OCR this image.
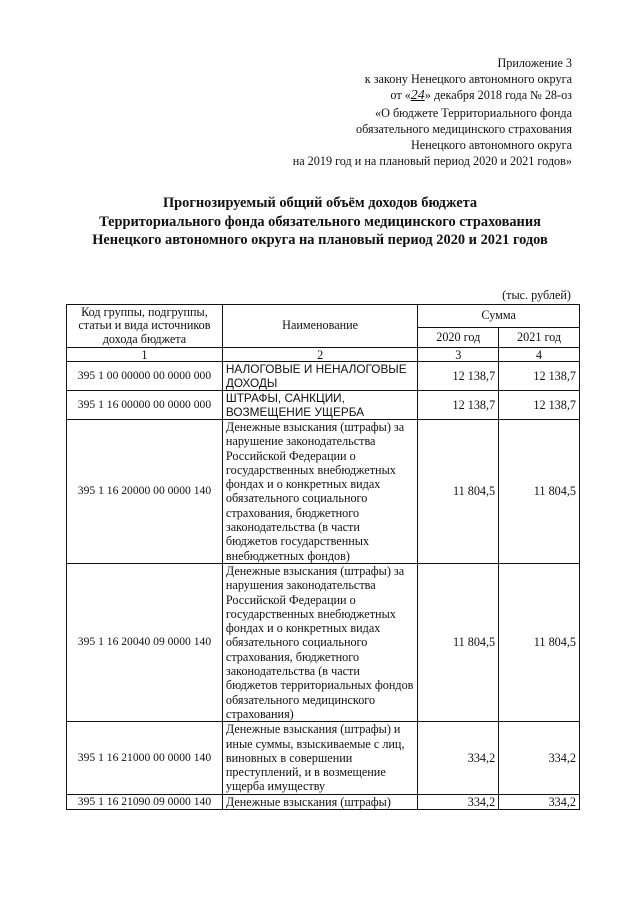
Приложение 3
к закону Ненецкого автономного округа
от «24» декабря 2018 года № 28-оз
«О бюджете Территориального фонда
обязательного медицинского страхования
Ненецкого автономного округа
на 2019 год и на плановый период 2020 и 2021 годов»
Прогнозируемый общий объём доходов бюджета
Территориального фонда обязательного медицинского страхования
Ненецкого автономного округа на плановый период 2020 и 2021 годов
(тыс. рублей)
Код группы, подгруппы, статьи и вида источников дохода бюджета	Наименование	Сумма	
		2020 год	2021 год
1	2	3	4
395 1 00 00000 00 0000 000	НАЛОГОВЫЕ И НЕНАЛОГОВЫЕ ДОХОДЫ	12 138,7	12 138,7
395 1 16 00000 00 0000 000	ШТРАФЫ, САНКЦИИ, ВОЗМЕЩЕНИЕ УЩЕРБА	12 138,7	12 138,7
395 1 16 20000 00 0000 140	Денежные взыскания (штрафы) за нарушение законодательства Российской Федерации о государственных внебюджетных фондах и о конкретных видах обязательного социального страхования, бюджетного законодательства (в части бюджетов государственных внебюджетных фондов)	11 804,5	11 804,5
395 1 16 20040 09 0000 140	Денежные взыскания (штрафы) за нарушения законодательства Российской Федерации о государственных внебюджетных фондах и о конкретных видах обязательного социального страхования, бюджетного законодательства (в части бюджетов территориальных фондов обязательного медицинского страхования)	11 804,5	11 804,5
395 1 16 21000 00 0000 140	Денежные взыскания (штрафы) и иные суммы, взыскиваемые с лиц, виновных в совершении преступлений, и в возмещение ущерба имуществу	334,2	334,2
395 1 16 21090 09 0000 140	Денежные взыскания (штрафы)	334,2	334,2
